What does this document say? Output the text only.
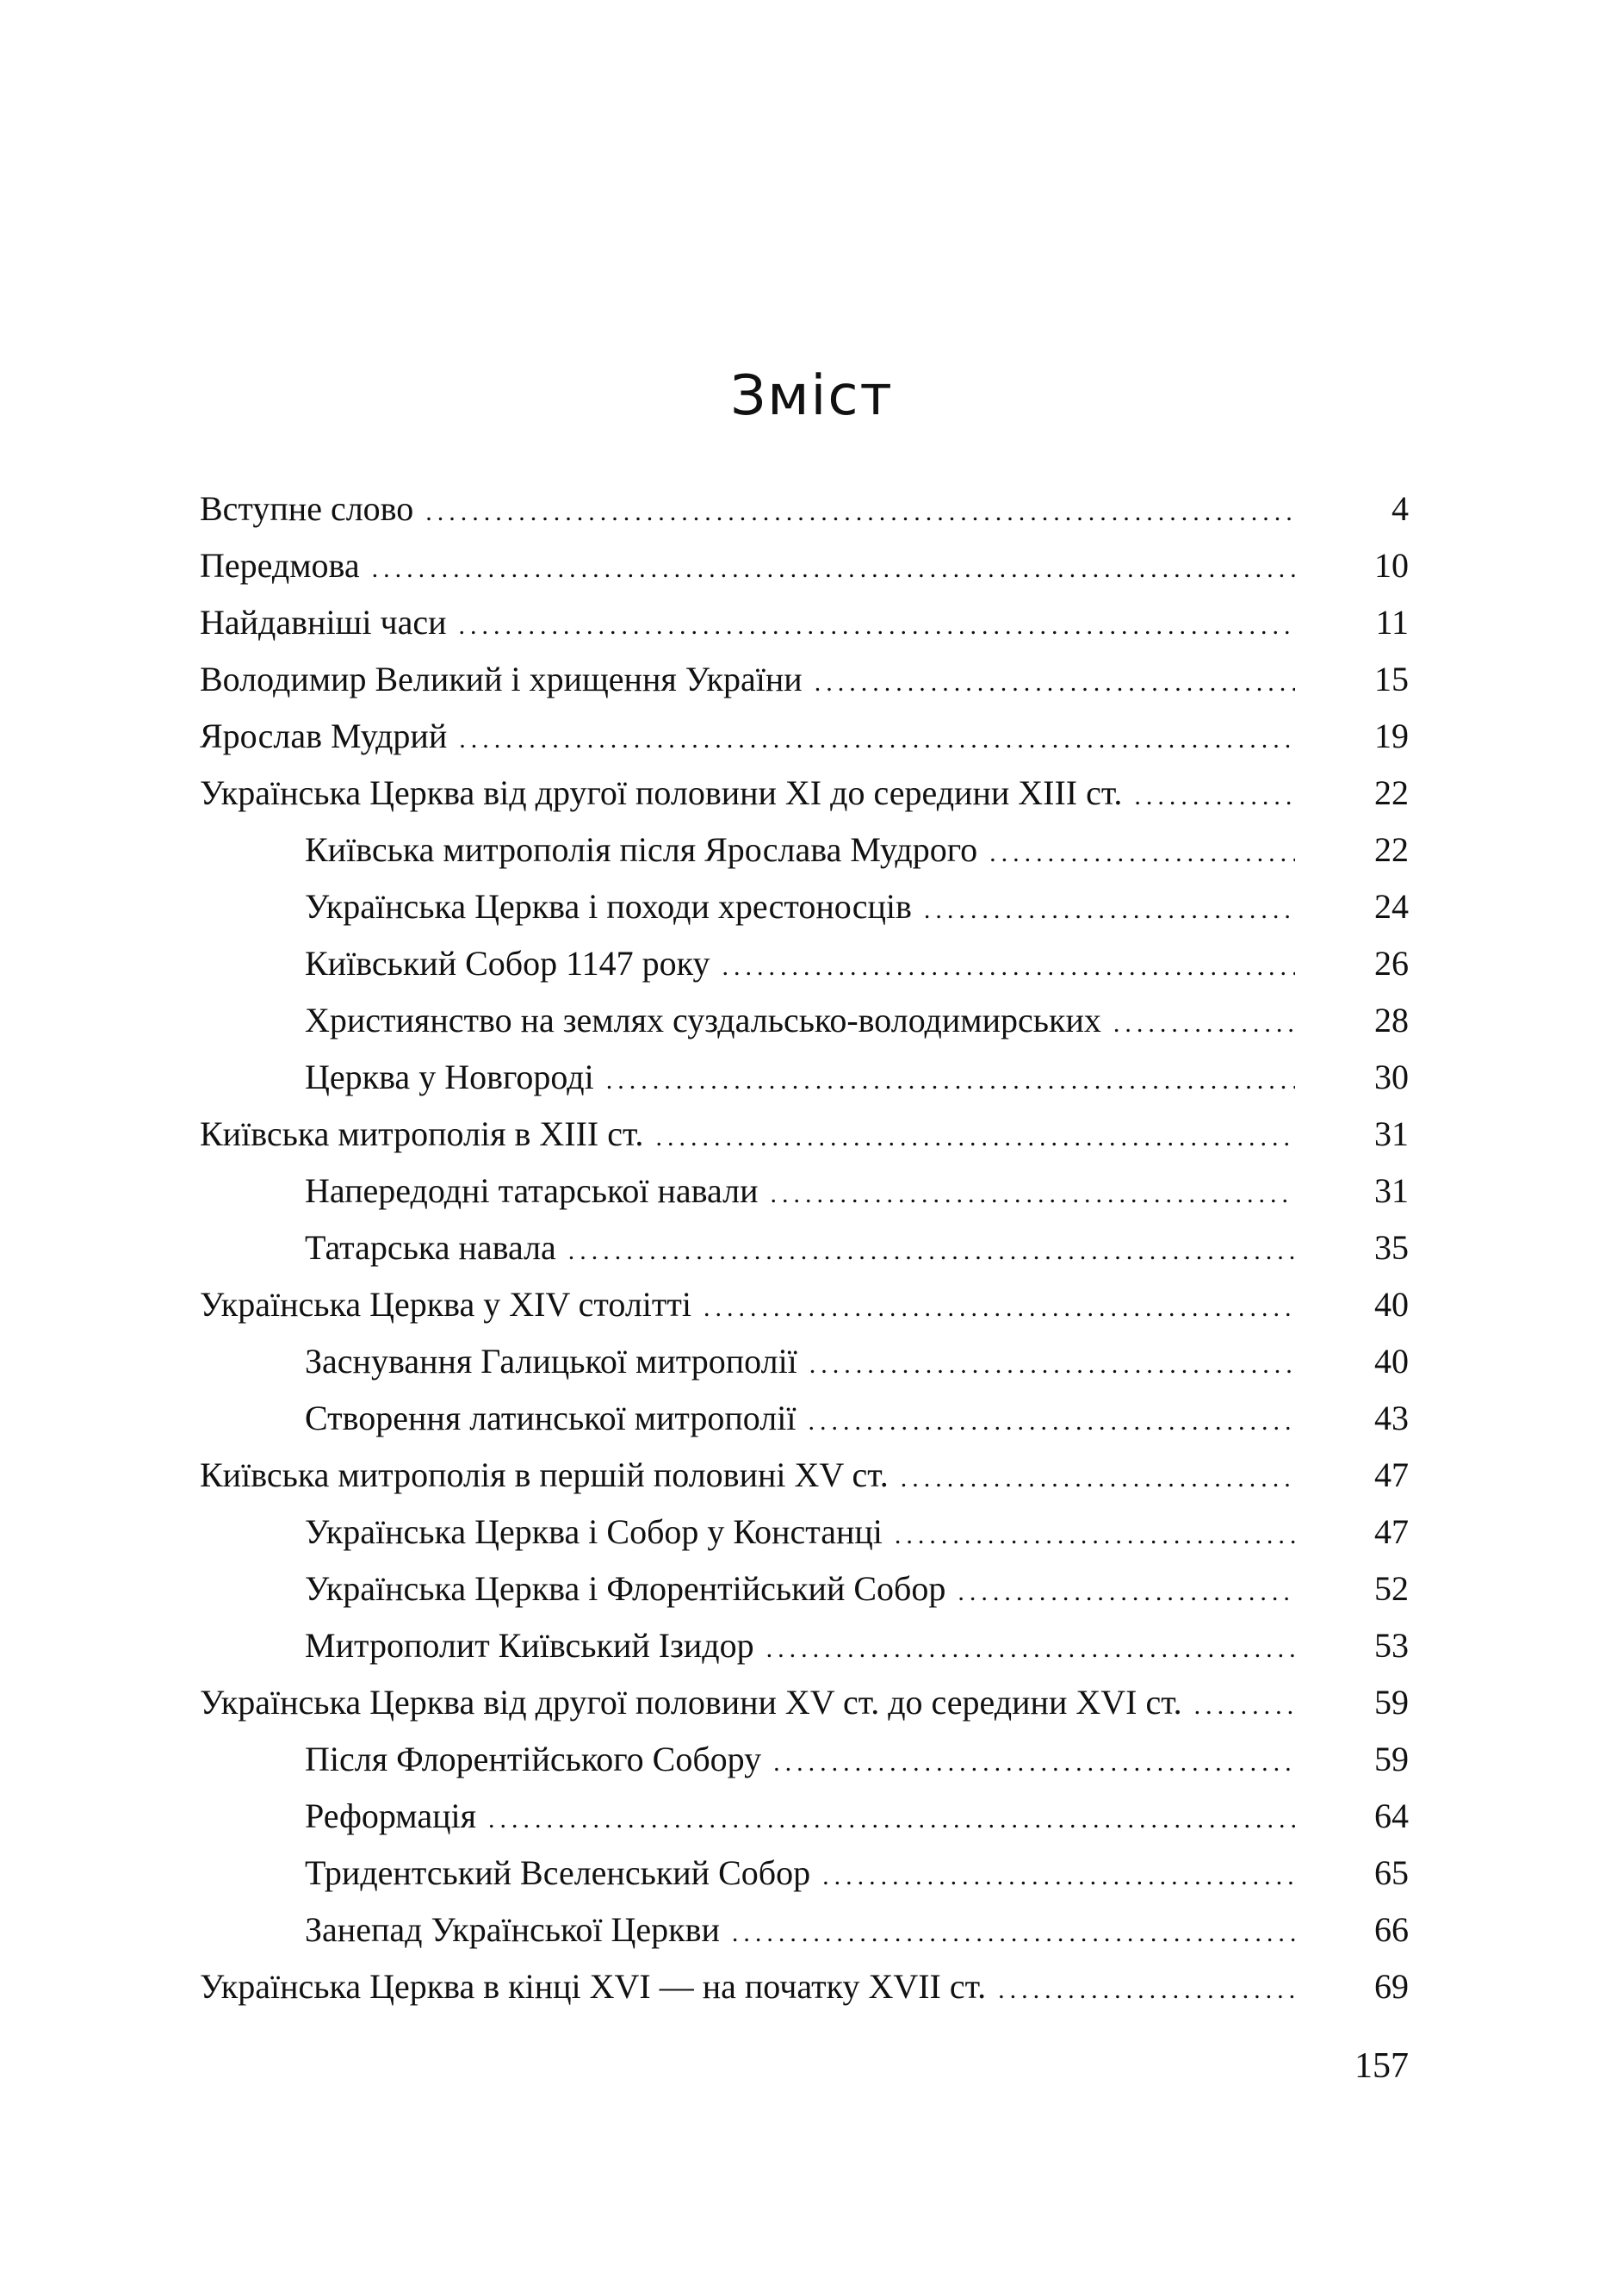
Зміст
Вступне слово .....	4
Передмова .....	10
Найдавніші часи .....	11
Володимир Великий і хрищення України .....	15
Ярослав Мудрий .....	19
Українська Церква від другої половини XI до середини XIII ст. .....	22
Київська митрополія після Ярослава Мудрого .....	22
Українська Церква і походи хрестоносців .....	24
Київський Собор 1147 року .....	26
Християнство на землях суздальсько-володимирських .....	28
Церква у Новгороді .....	30
Київська митрополія в XIII ст. .....	31
Напередодні татарської навали .....	31
Татарська навала .....	35
Українська Церква у XIV столітті .....	40
Заснування Галицької митрополії .....	40
Створення латинської митрополії .....	43
Київська митрополія в першій половині XV ст. .....	47
Українська Церква і Собор у Констанці .....	47
Українська Церква і Флорентійський Собор .....	52
Митрополит Київський Ізидор .....	53
Українська Церква від другої половини XV ст. до середини XVI ст. .....	59
Після Флорентійського Собору .....	59
Реформація .....	64
Тридентський Вселенський Собор .....	65
Занепад Української Церкви .....	66
Українська Церква в кінці XVI — на початку XVII ст. .....	69
157
